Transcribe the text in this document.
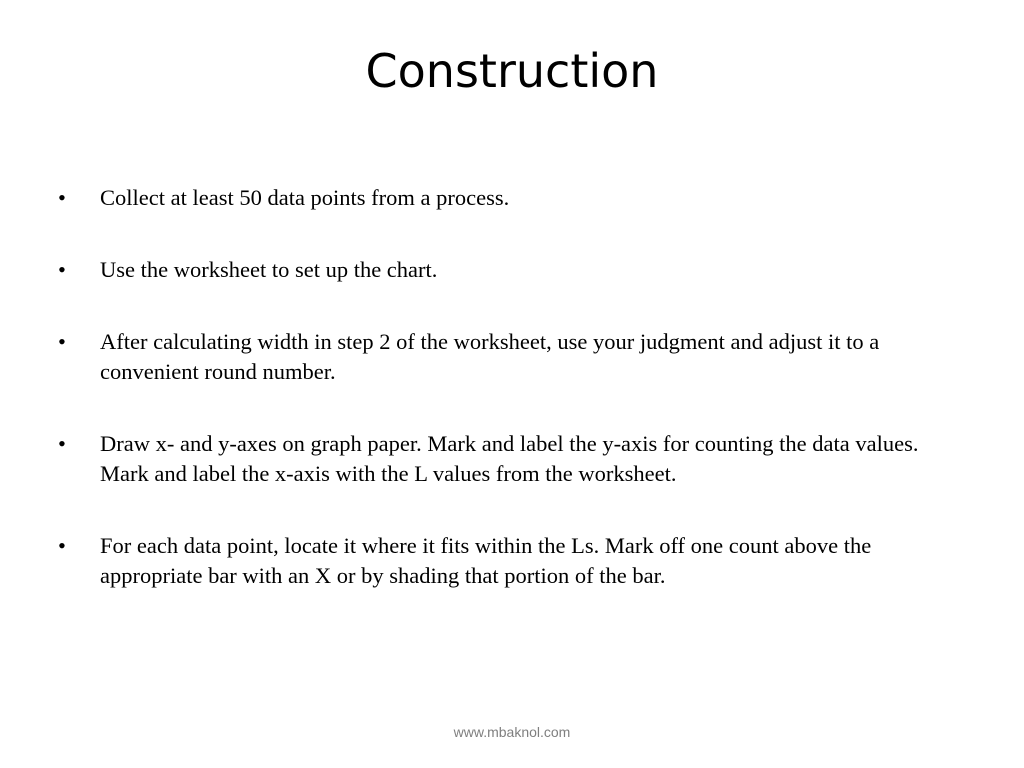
Construction
•	Collect at least 50 data points from a process.
•	Use the worksheet to set up the chart.
•	After calculating width in step 2 of the worksheet, use your judgment and adjust it to a convenient round number.
•	Draw x- and y-axes on graph paper. Mark and label the y-axis for counting the data values. Mark and label the x-axis with the L values from the worksheet.
•	For each data point, locate it where it fits within the Ls. Mark off one count above the appropriate bar with an X or by shading that portion of the bar.
www.mbaknol.com
